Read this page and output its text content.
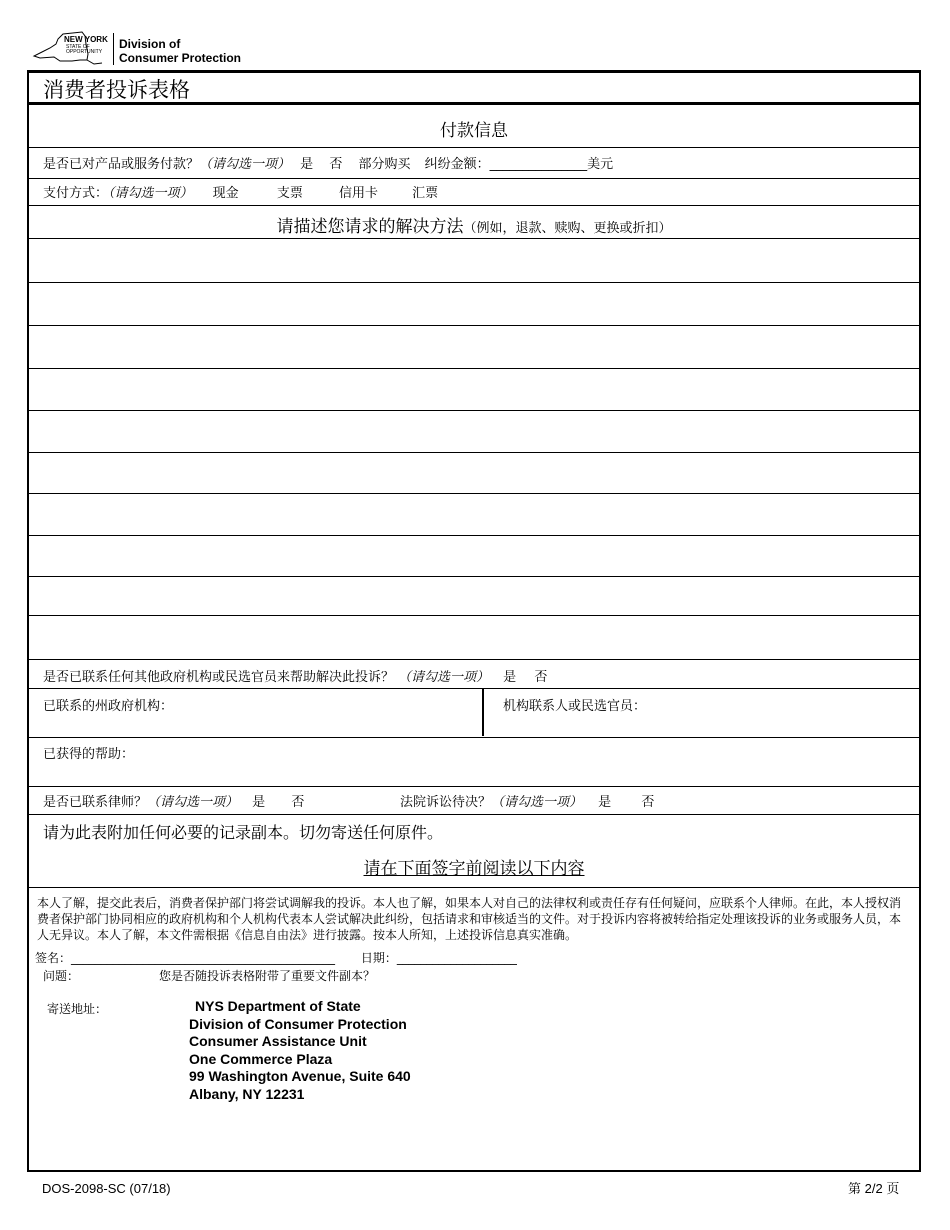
NEW YORK
STATE OF
OPPORTUNITY
Division of
Consumer Protection
消费者投诉表格
付款信息
是否已对产品或服务付款？（请勾选一项） 是 否 部分购买 纠纷金额：_______________美元
支付方式：（请勾选一项） 现金	支票	信用卡	汇票
请描述您请求的解决方法（例如，退款、赎购、更换或折扣）
是否已联系任何其他政府机构或民选官员来帮助解决此投诉？ （请勾选一项） 是 否
已联系的州政府机构：	机构联系人或民选官员：
已获得的帮助：
是否已联系律师？（请勾选一项） 是 否	法院诉讼待决？（请勾选一项） 是 否
请为此表附加任何必要的记录副本。切勿寄送任何原件。
请在下面签字前阅读以下内容
本人了解，提交此表后，消费者保护部门将尝试调解我的投诉。本人也了解，如果本人对自己的法律权利或责任存有任何疑问，应联系个人律师。在此，本人授权消费者保护部门协同相应的政府机构和个人机构代表本人尝试解决此纠纷，包括请求和审核适当的文件。对于投诉内容将被转给指定处理该投诉的业务或服务人员，本人无异议。本人了解，本文件需根据《信息自由法》进行披露。按本人所知，上述投诉信息真实准确。
签名：____________________________________________ 日期：____________________
问题：	您是否随投诉表格附带了重要文件副本？
寄送地址：	NYS Department of State
Division of Consumer Protection
Consumer Assistance Unit
One Commerce Plaza
99 Washington Avenue, Suite 640
Albany, NY 12231
DOS-2098-SC (07/18)	第 2/2 页
